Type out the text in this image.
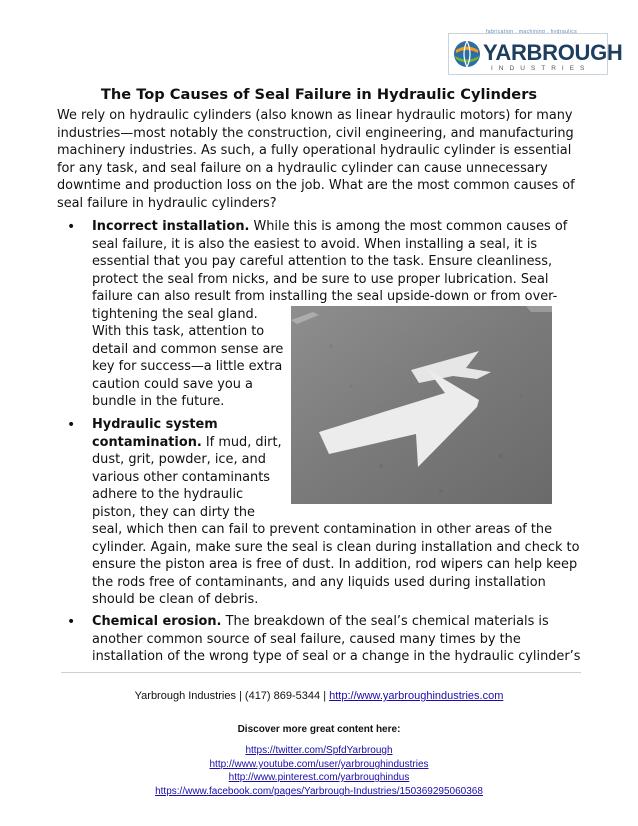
fabrication . machining . hydraulics
YARBROUGH
INDUSTRIES
The Top Causes of Seal Failure in Hydraulic Cylinders
We rely on hydraulic cylinders (also known as linear hydraulic motors) for many industries—most notably the construction, civil engineering, and manufacturing machinery industries. As such, a fully operational hydraulic cylinder is essential for any task, and seal failure on a hydraulic cylinder can cause unnecessary downtime and production loss on the job. What are the most common causes of seal failure in hydraulic cylinders?
• Incorrect installation. While this is among the most common causes of
seal failure, it is also the easiest to avoid. When installing a seal, it is
essential that you pay careful attention to the task. Ensure cleanliness,
protect the seal from nicks, and be sure to use proper lubrication. Seal
failure can also result from installing the seal upside-down or from over-
tightening the seal gland.
With this task, attention to
detail and common sense are
key for success—a little extra
caution could save you a
bundle in the future.
• Hydraulic system
contamination. If mud, dirt,
dust, grit, powder, ice, and
various other contaminants
adhere to the hydraulic
piston, they can dirty the
seal, which then can fail to prevent contamination in other areas of the
cylinder. Again, make sure the seal is clean during installation and check to
ensure the piston area is free of dust. In addition, rod wipers can help keep
the rods free of contaminants, and any liquids used during installation
should be clean of debris.
• Chemical erosion. The breakdown of the seal’s chemical materials is
another common source of seal failure, caused many times by the
installation of the wrong type of seal or a change in the hydraulic cylinder’s
Yarbrough Industries | (417) 869-5344 | http://www.yarbroughindustries.com
Discover more great content here:
https://twitter.com/SpfdYarbrough
http://www.youtube.com/user/yarbroughindustries
http://www.pinterest.com/yarbroughindus
https://www.facebook.com/pages/Yarbrough-Industries/150369295060368
